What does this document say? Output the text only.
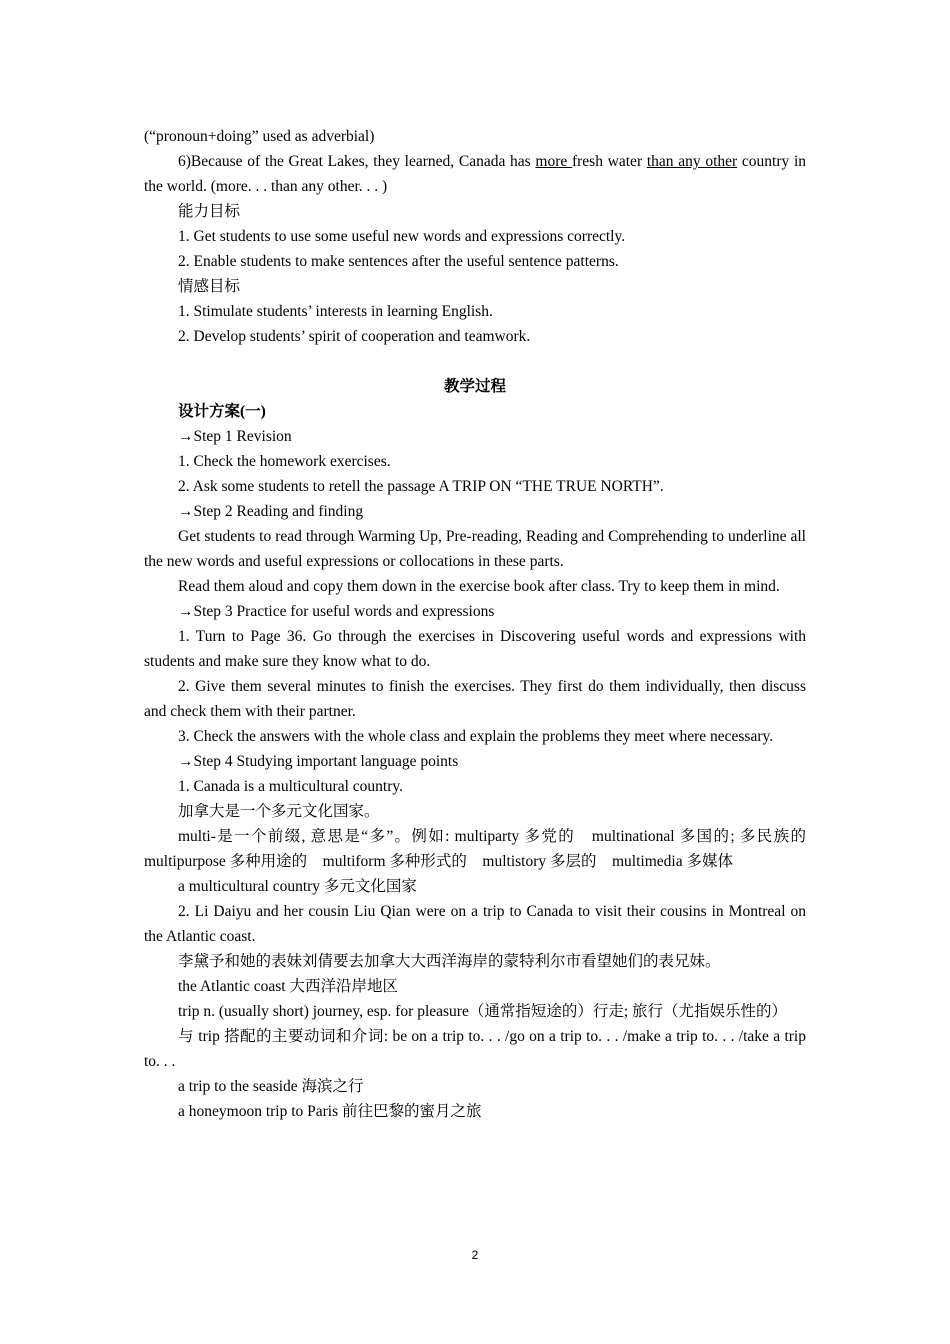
(“pronoun+doing” used as adverbial)

6)Because of the Great Lakes, they learned, Canada has more fresh water than any other country in the world. (more. . . than any other. . . )

能力目标

1. Get students to use some useful new words and expressions correctly.

2. Enable students to make sentences after the useful sentence patterns.

情感目标

1. Stimulate students’ interests in learning English.

2. Develop students’ spirit of cooperation and teamwork.

教学过程

设计方案(一)

→Step 1 Revision

1. Check the homework exercises.

2. Ask some students to retell the passage A TRIP ON “THE TRUE NORTH”.

→Step 2 Reading and finding

Get students to read through Warming Up, Pre-reading, Reading and Comprehending to underline all the new words and useful expressions or collocations in these parts.

Read them aloud and copy them down in the exercise book after class. Try to keep them in mind.

→Step 3 Practice for useful words and expressions

1. Turn to Page 36. Go through the exercises in Discovering useful words and expressions with students and make sure they know what to do.

2. Give them several minutes to finish the exercises. They first do them individually, then discuss and check them with their partner.

3. Check the answers with the whole class and explain the problems they meet where necessary.

→Step 4 Studying important language points

1. Canada is a multicultural country.

加拿大是一个多元文化国家。

multi-是一个前缀, 意思是“多”。例如: multiparty 多党的　multinational 多国的; 多民族的　multipurpose 多种用途的　multiform 多种形式的　multistory 多层的　multimedia 多媒体

a multicultural country 多元文化国家

2. Li Daiyu and her cousin Liu Qian were on a trip to Canada to visit their cousins in Montreal on the Atlantic coast.

李黛予和她的表妹刘倩要去加拿大大西洋海岸的蒙特利尔市看望她们的表兄妹。

the Atlantic coast 大西洋沿岸地区

trip n. (usually short) journey, esp. for pleasure（通常指短途的）行走; 旅行（尤指娱乐性的）

与 trip 搭配的主要动词和介词: be on a trip to. . . /go on a trip to. . . /make a trip to. . . /take a trip to. . .

a trip to the seaside 海滨之行

a honeymoon trip to Paris 前往巴黎的蜜月之旅

2
